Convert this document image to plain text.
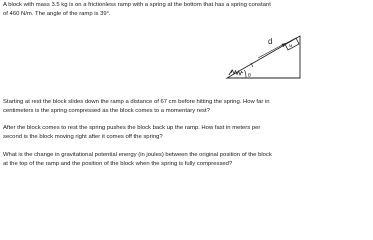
A block with mass 3.5 kg is on a frictionless ramp with a spring at the bottom that has a spring constant

of 460 N/m. The angle of the ramp is 39°.

d	M
θ

Starting at rest the block slides down the ramp a distance of 67 cm before hitting the spring. How far in

centimeters is the spring compressed as the block comes to a momentary rest?

After the block comes to rest the spring pushes the block back up the ramp. How fast in meters per

second is the block moving right after it comes off the spring?

What is the change in gravitational potential energy (in joules) between the original position of the block

at the top of the ramp and the position of the block when the spring is fully compressed?
